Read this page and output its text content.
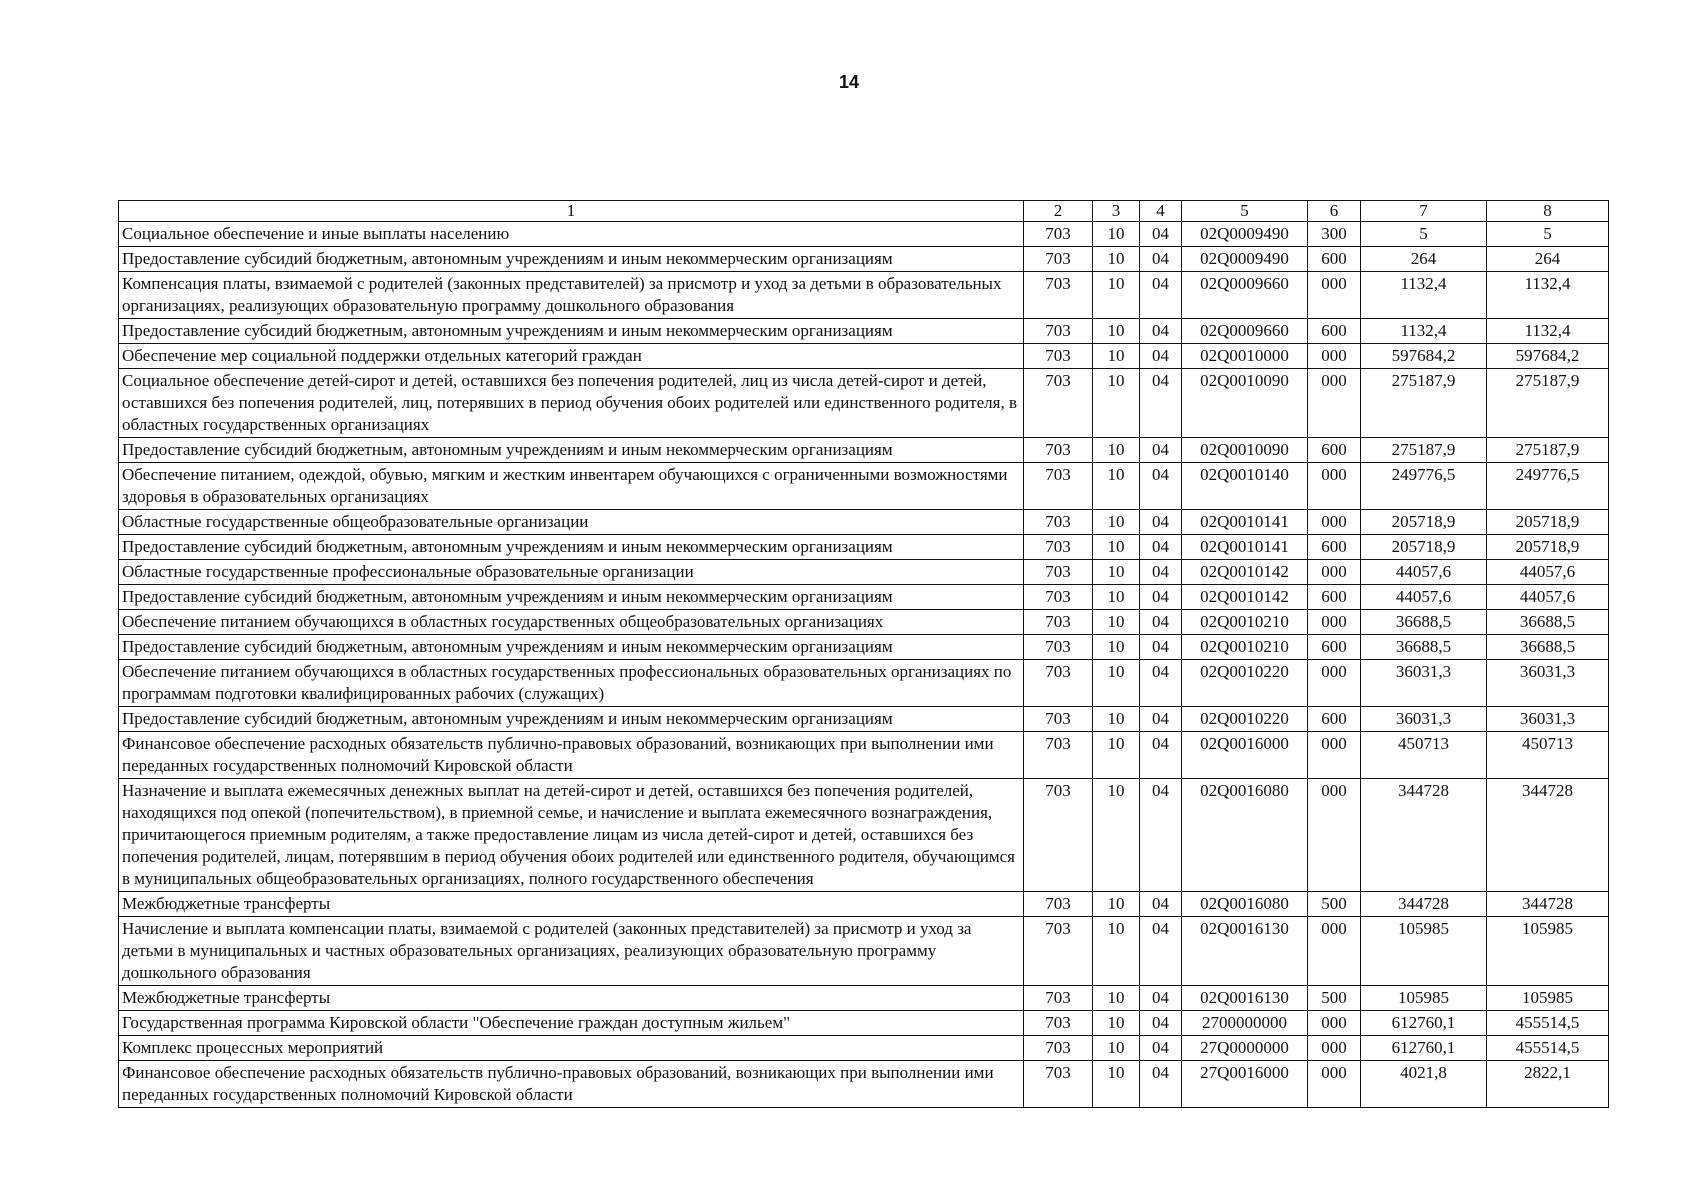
14
1	2	3	4	5	6	7	8
Социальное обеспечение и иные выплаты населению	703	10	04	02Q0009490	300	5	5
Предоставление субсидий бюджетным, автономным учреждениям и иным некоммерческим организациям	703	10	04	02Q0009490	600	264	264
Компенсация платы, взимаемой с родителей (законных представителей) за присмотр и уход за детьми в образовательных организациях, реализующих образовательную программу дошкольного образования	703	10	04	02Q0009660	000	1132,4	1132,4
Предоставление субсидий бюджетным, автономным учреждениям и иным некоммерческим организациям	703	10	04	02Q0009660	600	1132,4	1132,4
Обеспечение мер социальной поддержки отдельных категорий граждан	703	10	04	02Q0010000	000	597684,2	597684,2
Социальное обеспечение детей-сирот и детей, оставшихся без попечения родителей, лиц из числа детей-сирот и детей, оставшихся без попечения родителей, лиц, потерявших в период обучения обоих родителей или единственного родителя, в областных государственных организациях	703	10	04	02Q0010090	000	275187,9	275187,9
Предоставление субсидий бюджетным, автономным учреждениям и иным некоммерческим организациям	703	10	04	02Q0010090	600	275187,9	275187,9
Обеспечение питанием, одеждой, обувью, мягким и жестким инвентарем обучающихся с ограниченными возможностями здоровья в образовательных организациях	703	10	04	02Q0010140	000	249776,5	249776,5
Областные государственные общеобразовательные организации	703	10	04	02Q0010141	000	205718,9	205718,9
Предоставление субсидий бюджетным, автономным учреждениям и иным некоммерческим организациям	703	10	04	02Q0010141	600	205718,9	205718,9
Областные государственные профессиональные образовательные организации	703	10	04	02Q0010142	000	44057,6	44057,6
Предоставление субсидий бюджетным, автономным учреждениям и иным некоммерческим организациям	703	10	04	02Q0010142	600	44057,6	44057,6
Обеспечение питанием обучающихся в областных государственных общеобразовательных организациях	703	10	04	02Q0010210	000	36688,5	36688,5
Предоставление субсидий бюджетным, автономным учреждениям и иным некоммерческим организациям	703	10	04	02Q0010210	600	36688,5	36688,5
Обеспечение питанием обучающихся в областных государственных профессиональных образовательных организациях по программам подготовки квалифицированных рабочих (служащих)	703	10	04	02Q0010220	000	36031,3	36031,3
Предоставление субсидий бюджетным, автономным учреждениям и иным некоммерческим организациям	703	10	04	02Q0010220	600	36031,3	36031,3
Финансовое обеспечение расходных обязательств публично-правовых образований, возникающих при выполнении ими переданных государственных полномочий Кировской области	703	10	04	02Q0016000	000	450713	450713
Назначение и выплата ежемесячных денежных выплат на детей-сирот и детей, оставшихся без попечения родителей, находящихся под опекой (попечительством), в приемной семье, и начисление и выплата ежемесячного вознаграждения, причитающегося приемным родителям, а также предоставление лицам из числа детей-сирот и детей, оставшихся без попечения родителей, лицам, потерявшим в период обучения обоих родителей или единственного родителя, обучающимся в муниципальных общеобразовательных организациях, полного государственного обеспечения	703	10	04	02Q0016080	000	344728	344728
Межбюджетные трансферты	703	10	04	02Q0016080	500	344728	344728
Начисление и выплата компенсации платы, взимаемой с родителей (законных представителей) за присмотр и уход за детьми в муниципальных и частных образовательных организациях, реализующих образовательную программу дошкольного образования	703	10	04	02Q0016130	000	105985	105985
Межбюджетные трансферты	703	10	04	02Q0016130	500	105985	105985
Государственная программа Кировской области "Обеспечение граждан доступным жильем"	703	10	04	2700000000	000	612760,1	455514,5
Комплекс процессных мероприятий	703	10	04	27Q0000000	000	612760,1	455514,5
Финансовое обеспечение расходных обязательств публично-правовых образований, возникающих при выполнении ими переданных государственных полномочий Кировской области	703	10	04	27Q0016000	000	4021,8	2822,1
